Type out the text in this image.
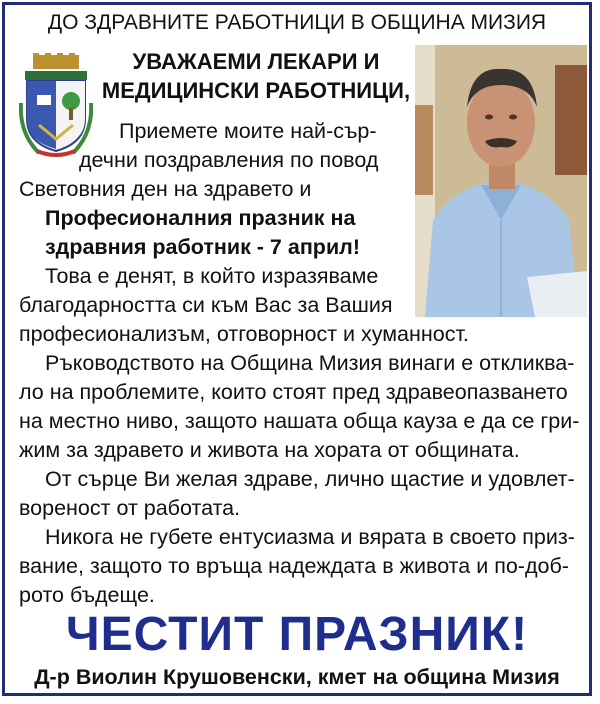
ДО ЗДРАВНИТЕ РАБОТНИЦИ В ОБЩИНА МИЗИЯ
УВАЖАЕМИ ЛЕКАРИ И
МЕДИЦИНСКИ РАБОТНИЦИ,
Приемете моите най-сър-
дечни поздравления по повод
Световния ден на здравето и
Професионалния празник на
здравния работник - 7 април!
Това е денят, в който изразяваме
благодарността си към Вас за Вашия
професионализъм, отговорност и хуманност.
Ръководството на Община Мизия винаги е откликва-
ло на проблемите, които стоят пред здравеопазването
на местно ниво, защото нашата обща кауза е да се гри-
жим за здравето и живота на хората от общината.
От сърце Ви желая здраве, лично щастие и удовлет-
вореност от работата.
Никога не губете ентусиазма и вярата в своето приз-
вание, защото то връща надеждата в живота и по-доб-
рото бъдеще.
ЧЕСТИТ ПРАЗНИК!
Д-р Виолин Крушовенски, кмет на община Мизия
